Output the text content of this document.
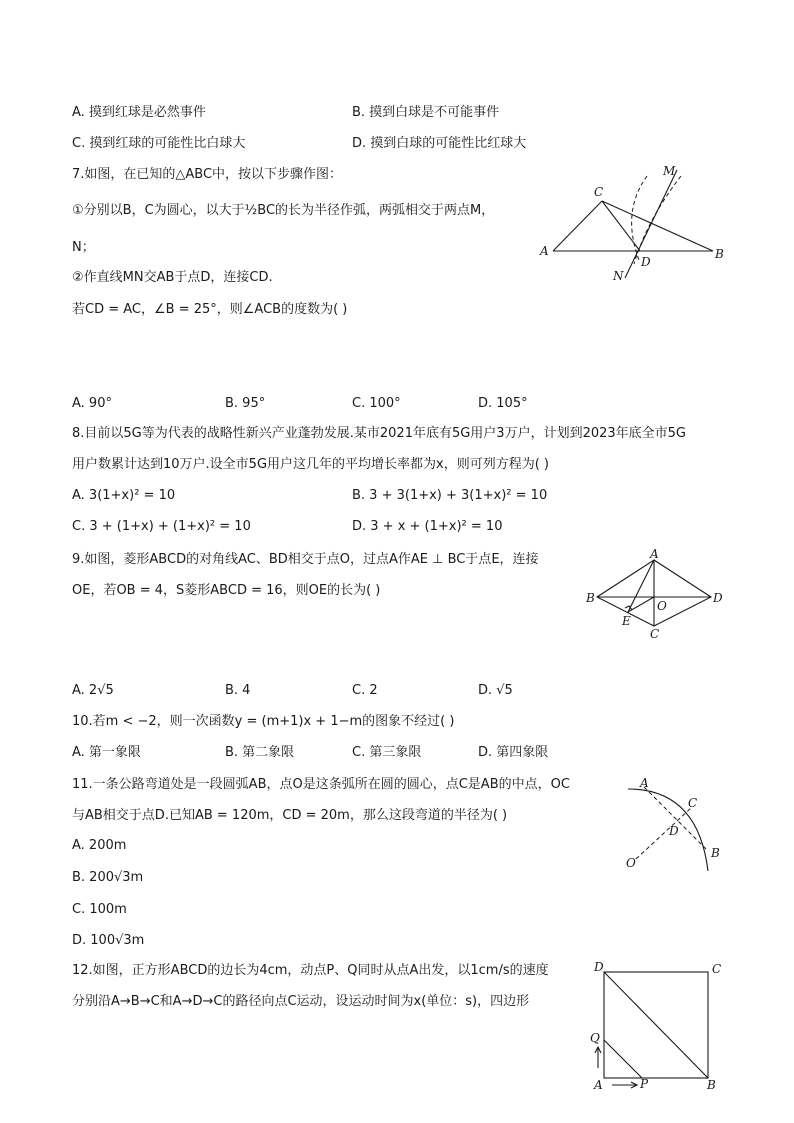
A. 摸到红球是必然事件	B. 摸到白球是不可能事件
C. 摸到红球的可能性比白球大	D. 摸到白球的可能性比红球大
7.如图，在已知的△ABC中，按以下步骤作图：
①分别以B，C为圆心，以大于½BC的长为半径作弧，两弧相交于两点M，
N；
②作直线MN交AB于点D，连接CD.
若CD = AC，∠B = 25°，则∠ACB的度数为( )
A	B
C
D
M
N
A. 90°	B. 95°	C. 100°	D. 105°
8.目前以5G等为代表的战略性新兴产业蓬勃发展.某市2021年底有5G用户3万户，计划到2023年底全市5G
用户数累计达到10万户.设全市5G用户这几年的平均增长率都为x，则可列方程为( )
A. 3(1+x)² = 10	B. 3 + 3(1+x) + 3(1+x)² = 10
C. 3 + (1+x) + (1+x)² = 10	D. 3 + x + (1+x)² = 10
9.如图，菱形ABCD的对角线AC、BD相交于点O，过点A作AE ⊥ BC于点E，连接
OE，若OB = 4，S菱形ABCD = 16，则OE的长为( )
A
B
C
D
E
O
A. 2√5	B. 4	C. 2	D. √5
10.若m < −2，则一次函数y = (m+1)x + 1−m的图象不经过( )
A. 第一象限	B. 第二象限	C. 第三象限	D. 第四象限
11.一条公路弯道处是一段圆弧AB，点O是这条弧所在圆的圆心，点C是AB的中点，OC
与AB相交于点D.已知AB = 120m，CD = 20m，那么这段弯道的半径为( )
A. 200m
B. 200√3m
C. 100m
D. 100√3m
A
B
C
D
O
12.如图，正方形ABCD的边长为4cm，动点P、Q同时从点A出发，以1cm/s的速度
分别沿A→B→C和A→D→C的路径向点C运动，设运动时间为x(单位：s)，四边形
D	C
A	B
P
Q
